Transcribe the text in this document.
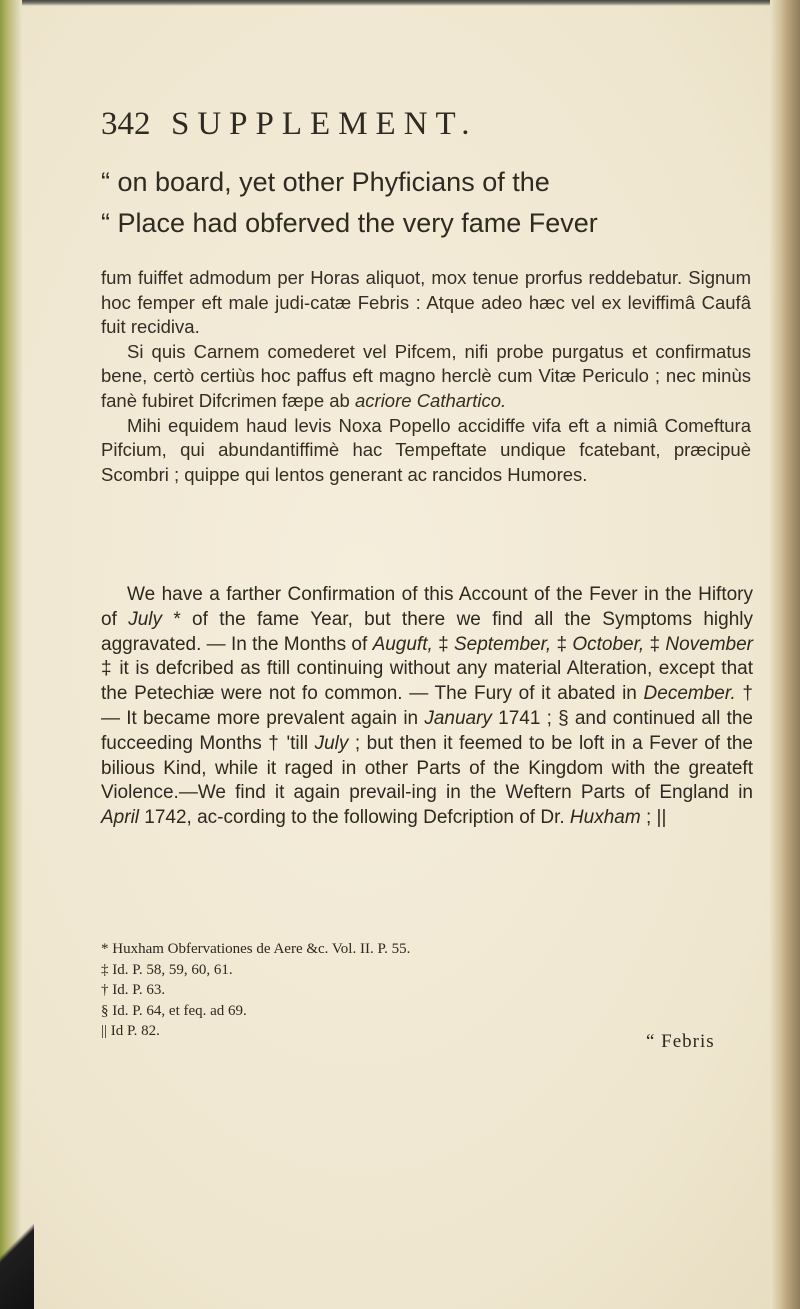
342 SUPPLEMENT.

“ on board, yet other Phyficians of the

“ Place had obferved the very fame Fever

fum fuiffet admodum per Horas aliquot, mox tenue prorfus reddebatur. Signum hoc femper eft male judi-catæ Febris : Atque adeo hæc vel ex leviffimâ Caufâ fuit recidiva.

Si quis Carnem comederet vel Pifcem, nifi probe purgatus et confirmatus bene, certò certiùs hoc paffus eft magno herclè cum Vitæ Periculo ; nec minùs fanè fubiret Difcrimen fæpe ab acriore Cathartico.

Mihi equidem haud levis Noxa Popello accidiffe vifa eft a nimiâ Comeftura Pifcium, qui abundantiffimè hac Tempeftate undique fcatebant, præcipuè Scombri ; quippe qui lentos generant ac rancidos Humores.

We have a farther Confirmation of this Account of the Fever in the Hiftory of July * of the fame Year, but there we find all the Symptoms highly aggravated. — In the Months of Auguft, ‡ September, ‡ October, ‡ November ‡ it is defcribed as ftill continuing without any material Alteration, except that the Petechiæ were not fo common. — The Fury of it abated in December. † — It became more prevalent again in January 1741 ; § and continued all the fucceeding Months † 'till July ; but then it feemed to be loft in a Fever of the bilious Kind, while it raged in other Parts of the Kingdom with the greateft Violence.—We find it again prevail-ing in the Weftern Parts of England in April 1742, ac-cording to the following Defcription of Dr. Huxham ; ||

* Huxham Obfervationes de Aere &c. Vol. II. P. 55.
‡ Id. P. 58, 59, 60, 61.
† Id. P. 63.
§ Id. P. 64, et feq. ad 69.
|| Id P. 82.	“ Febris
